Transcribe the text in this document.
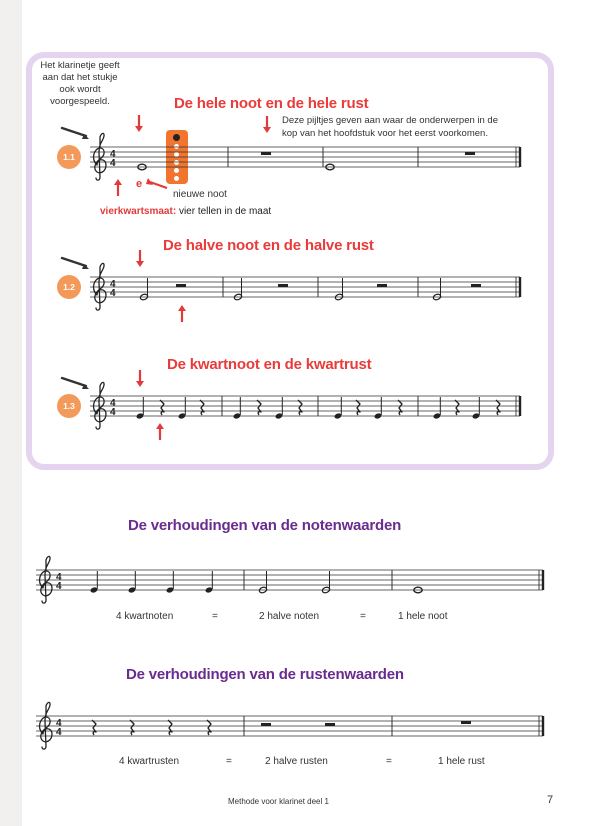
Het klarinetje geeft aan dat het stukje ook wordt voorgespeeld.	De hele noot en de hele rust
Deze pijltjes geven aan waar de onderwerpen in de kop van het hoofdstuk voor het eerst voorkomen.
1.1
e
nieuwe noot
vierkwartsmaat: vier tellen in de maat
De halve noot en de halve rust
1.2
De kwartnoot en de kwartrust
1.3
De verhoudingen van de notenwaarden
4 kwartnoten	=	2 halve noten	=	1 hele noot
De verhoudingen van de rustenwaarden
4 kwartrusten	=	2 halve rusten	=	1 hele rust
Methode voor klarinet deel 1	7
4
4
